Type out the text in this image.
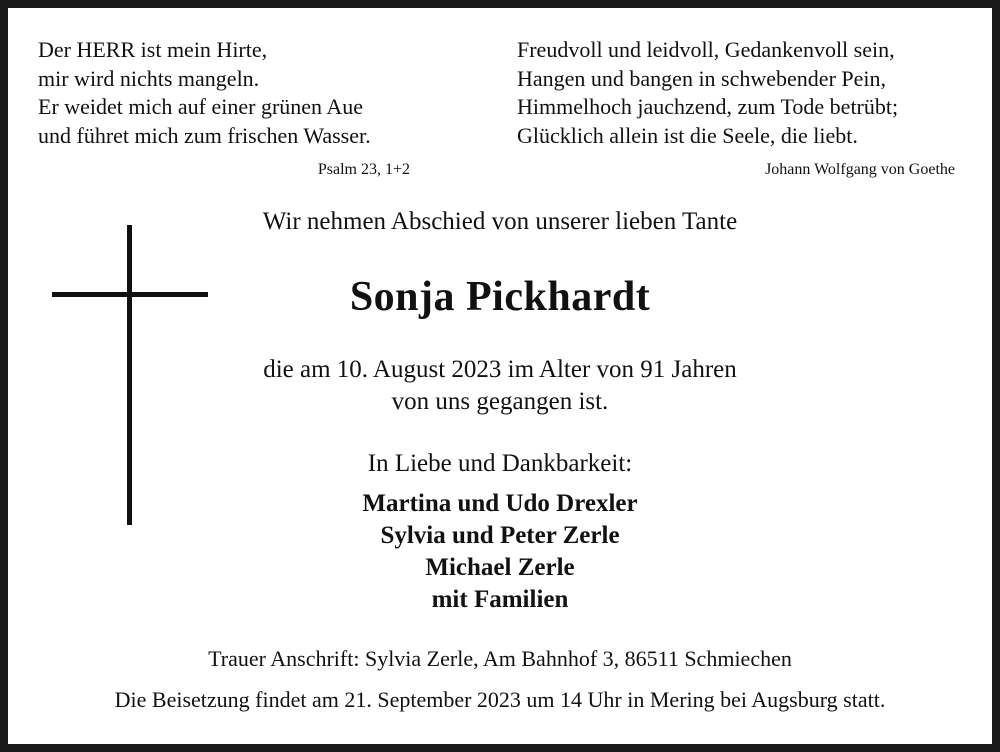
Der HERR ist mein Hirte,
mir wird nichts mangeln.
Er weidet mich auf einer grünen Aue
und führet mich zum frischen Wasser.
Psalm 23, 1+2
Freudvoll und leidvoll, Gedankenvoll sein,
Hangen und bangen in schwebender Pein,
Himmelhoch jauchzend, zum Tode betrübt;
Glücklich allein ist die Seele, die liebt.
Johann Wolfgang von Goethe
Wir nehmen Abschied von unserer lieben Tante
Sonja Pickhardt
die am 10. August 2023 im Alter von 91 Jahren
von uns gegangen ist.
In Liebe und Dankbarkeit:
Martina und Udo Drexler
Sylvia und Peter Zerle
Michael Zerle
mit Familien
Trauer Anschrift: Sylvia Zerle, Am Bahnhof 3, 86511 Schmiechen
Die Beisetzung findet am 21. September 2023 um 14 Uhr in Mering bei Augsburg statt.
